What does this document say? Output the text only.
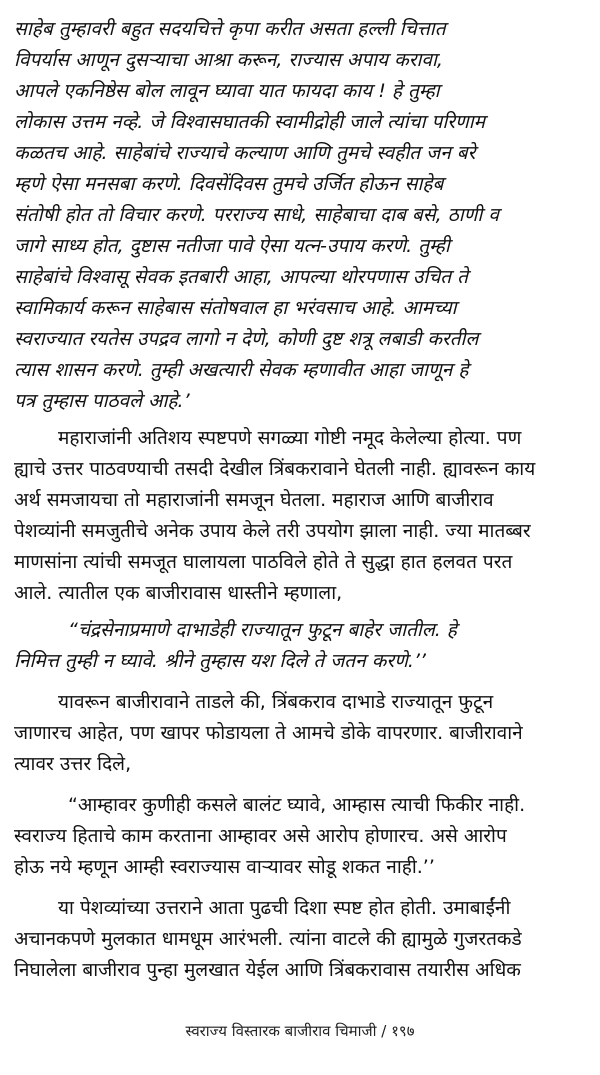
साहेब तुम्हावरी बहुत सदयचित्ते कृपा करीत असता हल्ली चित्तात
विपर्यास आणून दुसऱ्याचा आश्रा करून, राज्यास अपाय करावा,
आपले एकनिष्ठेस बोल लावून घ्यावा यात फायदा काय ! हे तुम्हा
लोकास उत्तम नव्हे. जे विश्वासघातकी स्वामीद्रोही जाले त्यांचा परिणाम
कळतच आहे. साहेबांचे राज्याचे कल्याण आणि तुमचे स्वहीत जन बरे
म्हणे ऐसा मनसबा करणे. दिवसेंदिवस तुमचे उर्जित होऊन साहेब
संतोषी होत तो विचार करणे. परराज्य साधे, साहेबाचा दाब बसे, ठाणी व
जागे साध्य होत, दुष्टास नतीजा पावे ऐसा यत्न-उपाय करणे. तुम्ही
साहेबांचे विश्वासू सेवक इतबारी आहा, आपल्या थोरपणास उचित ते
स्वामिकार्य करून साहेबास संतोषवाल हा भरंवसाच आहे. आमच्या
स्वराज्यात रयतेस उपद्रव लागो न देणे, कोणी दुष्ट शत्रू लबाडी करतील
त्यास शासन करणे. तुम्ही अखत्यारी सेवक म्हणावीत आहा जाणून हे
पत्र तुम्हास पाठवले आहे.’
महाराजांनी अतिशय स्पष्टपणे सगळ्या गोष्टी नमूद केलेल्या होत्या. पण
ह्याचे उत्तर पाठवण्याची तसदी देखील त्रिंबकरावाने घेतली नाही. ह्यावरून काय
अर्थ समजायचा तो महाराजांनी समजून घेतला. महाराज आणि बाजीराव
पेशव्यांनी समजुतीचे अनेक उपाय केले तरी उपयोग झाला नाही. ज्या मातब्बर
माणसांना त्यांची समजूत घालायला पाठविले होते ते सुद्धा हात हलवत परत
आले. त्यातील एक बाजीरावास धास्तीने म्हणाला,
“चंद्रसेनाप्रमाणे दाभाडेही राज्यातून फुटून बाहेर जातील. हे
निमित्त तुम्ही न घ्यावे. श्रीने तुम्हास यश दिले ते जतन करणे.’’
यावरून बाजीरावाने ताडले की, त्रिंबकराव दाभाडे राज्यातून फुटून
जाणारच आहेत, पण खापर फोडायला ते आमचे डोके वापरणार. बाजीरावाने
त्यावर उत्तर दिले,
“आम्हावर कुणीही कसले बालंट घ्यावे, आम्हास त्याची फिकीर नाही.
स्वराज्य हिताचे काम करताना आम्हावर असे आरोप होणारच. असे आरोप
होऊ नये म्हणून आम्ही स्वराज्यास वाऱ्यावर सोडू शकत नाही.’’
या पेशव्यांच्या उत्तराने आता पुढची दिशा स्पष्ट होत होती. उमाबाईंनी
अचानकपणे मुलकात धामधूम आरंभली. त्यांना वाटले की ह्यामुळे गुजरतकडे
निघालेला बाजीराव पुन्हा मुलखात येईल आणि त्रिंबकरावास तयारीस अधिक
स्वराज्य विस्तारक बाजीराव चिमाजी / १९७
